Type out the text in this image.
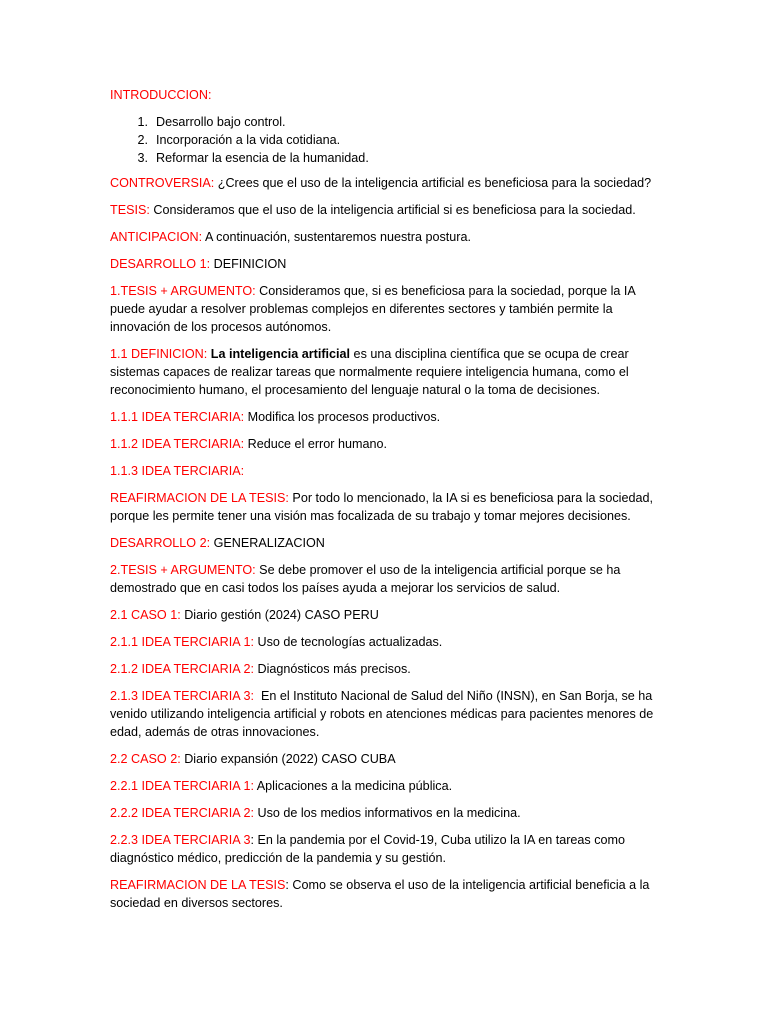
INTRODUCCION:

1. Desarrollo bajo control.
2. Incorporación a la vida cotidiana.
3. Reformar la esencia de la humanidad.

CONTROVERSIA: ¿Crees que el uso de la inteligencia artificial es beneficiosa para la sociedad?

TESIS: Consideramos que el uso de la inteligencia artificial si es beneficiosa para la sociedad.

ANTICIPACION: A continuación, sustentaremos nuestra postura.

DESARROLLO 1: DEFINICION

1.TESIS + ARGUMENTO: Consideramos que, si es beneficiosa para la sociedad, porque la IA puede ayudar a resolver problemas complejos en diferentes sectores y también permite la innovación de los procesos autónomos.

1.1 DEFINICION: La inteligencia artificial es una disciplina científica que se ocupa de crear sistemas capaces de realizar tareas que normalmente requiere inteligencia humana, como el reconocimiento humano, el procesamiento del lenguaje natural o la toma de decisiones.

1.1.1 IDEA TERCIARIA: Modifica los procesos productivos.

1.1.2 IDEA TERCIARIA: Reduce el error humano.

1.1.3 IDEA TERCIARIA:

REAFIRMACION DE LA TESIS: Por todo lo mencionado, la IA si es beneficiosa para la sociedad, porque les permite tener una visión mas focalizada de su trabajo y tomar mejores decisiones.

DESARROLLO 2: GENERALIZACION

2.TESIS + ARGUMENTO: Se debe promover el uso de la inteligencia artificial porque se ha demostrado que en casi todos los países ayuda a mejorar los servicios de salud.

2.1 CASO 1: Diario gestión (2024) CASO PERU

2.1.1 IDEA TERCIARIA 1: Uso de tecnologías actualizadas.

2.1.2 IDEA TERCIARIA 2: Diagnósticos más precisos.

2.1.3 IDEA TERCIARIA 3:  En el Instituto Nacional de Salud del Niño (INSN), en San Borja, se ha venido utilizando inteligencia artificial y robots en atenciones médicas para pacientes menores de edad, además de otras innovaciones.

2.2 CASO 2: Diario expansión (2022) CASO CUBA

2.2.1 IDEA TERCIARIA 1: Aplicaciones a la medicina pública.

2.2.2 IDEA TERCIARIA 2: Uso de los medios informativos en la medicina.

2.2.3 IDEA TERCIARIA 3: En la pandemia por el Covid-19, Cuba utilizo la IA en tareas como diagnóstico médico, predicción de la pandemia y su gestión.

REAFIRMACION DE LA TESIS: Como se observa el uso de la inteligencia artificial beneficia a la sociedad en diversos sectores.
